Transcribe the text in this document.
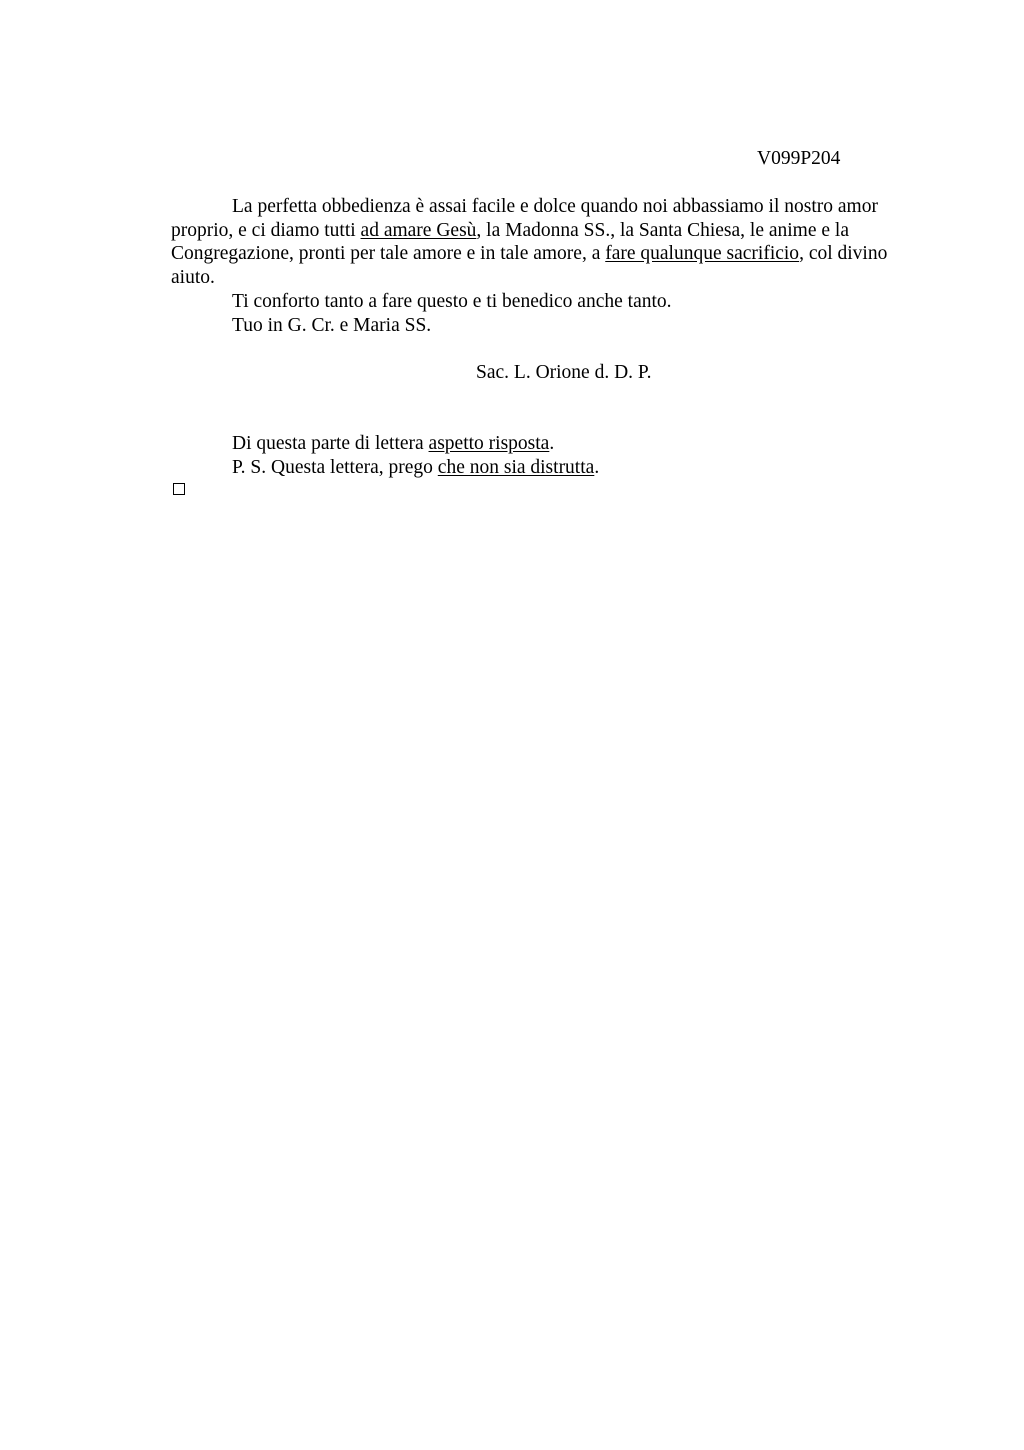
V099P204

La perfetta obbedienza è assai facile e dolce quando noi abbassiamo il nostro amor proprio, e ci diamo tutti ad amare Gesù, la Madonna SS., la Santa Chiesa, le anime e la Congregazione, pronti per tale amore e in tale amore, a fare qualunque sacrificio, col divino aiuto.

Ti conforto tanto a fare questo e ti benedico anche tanto.

Tuo in G. Cr. e Maria SS.

Sac. L. Orione d. D. P.

Di questa parte di lettera aspetto risposta.

P. S. Questa lettera, prego che non sia distrutta.
